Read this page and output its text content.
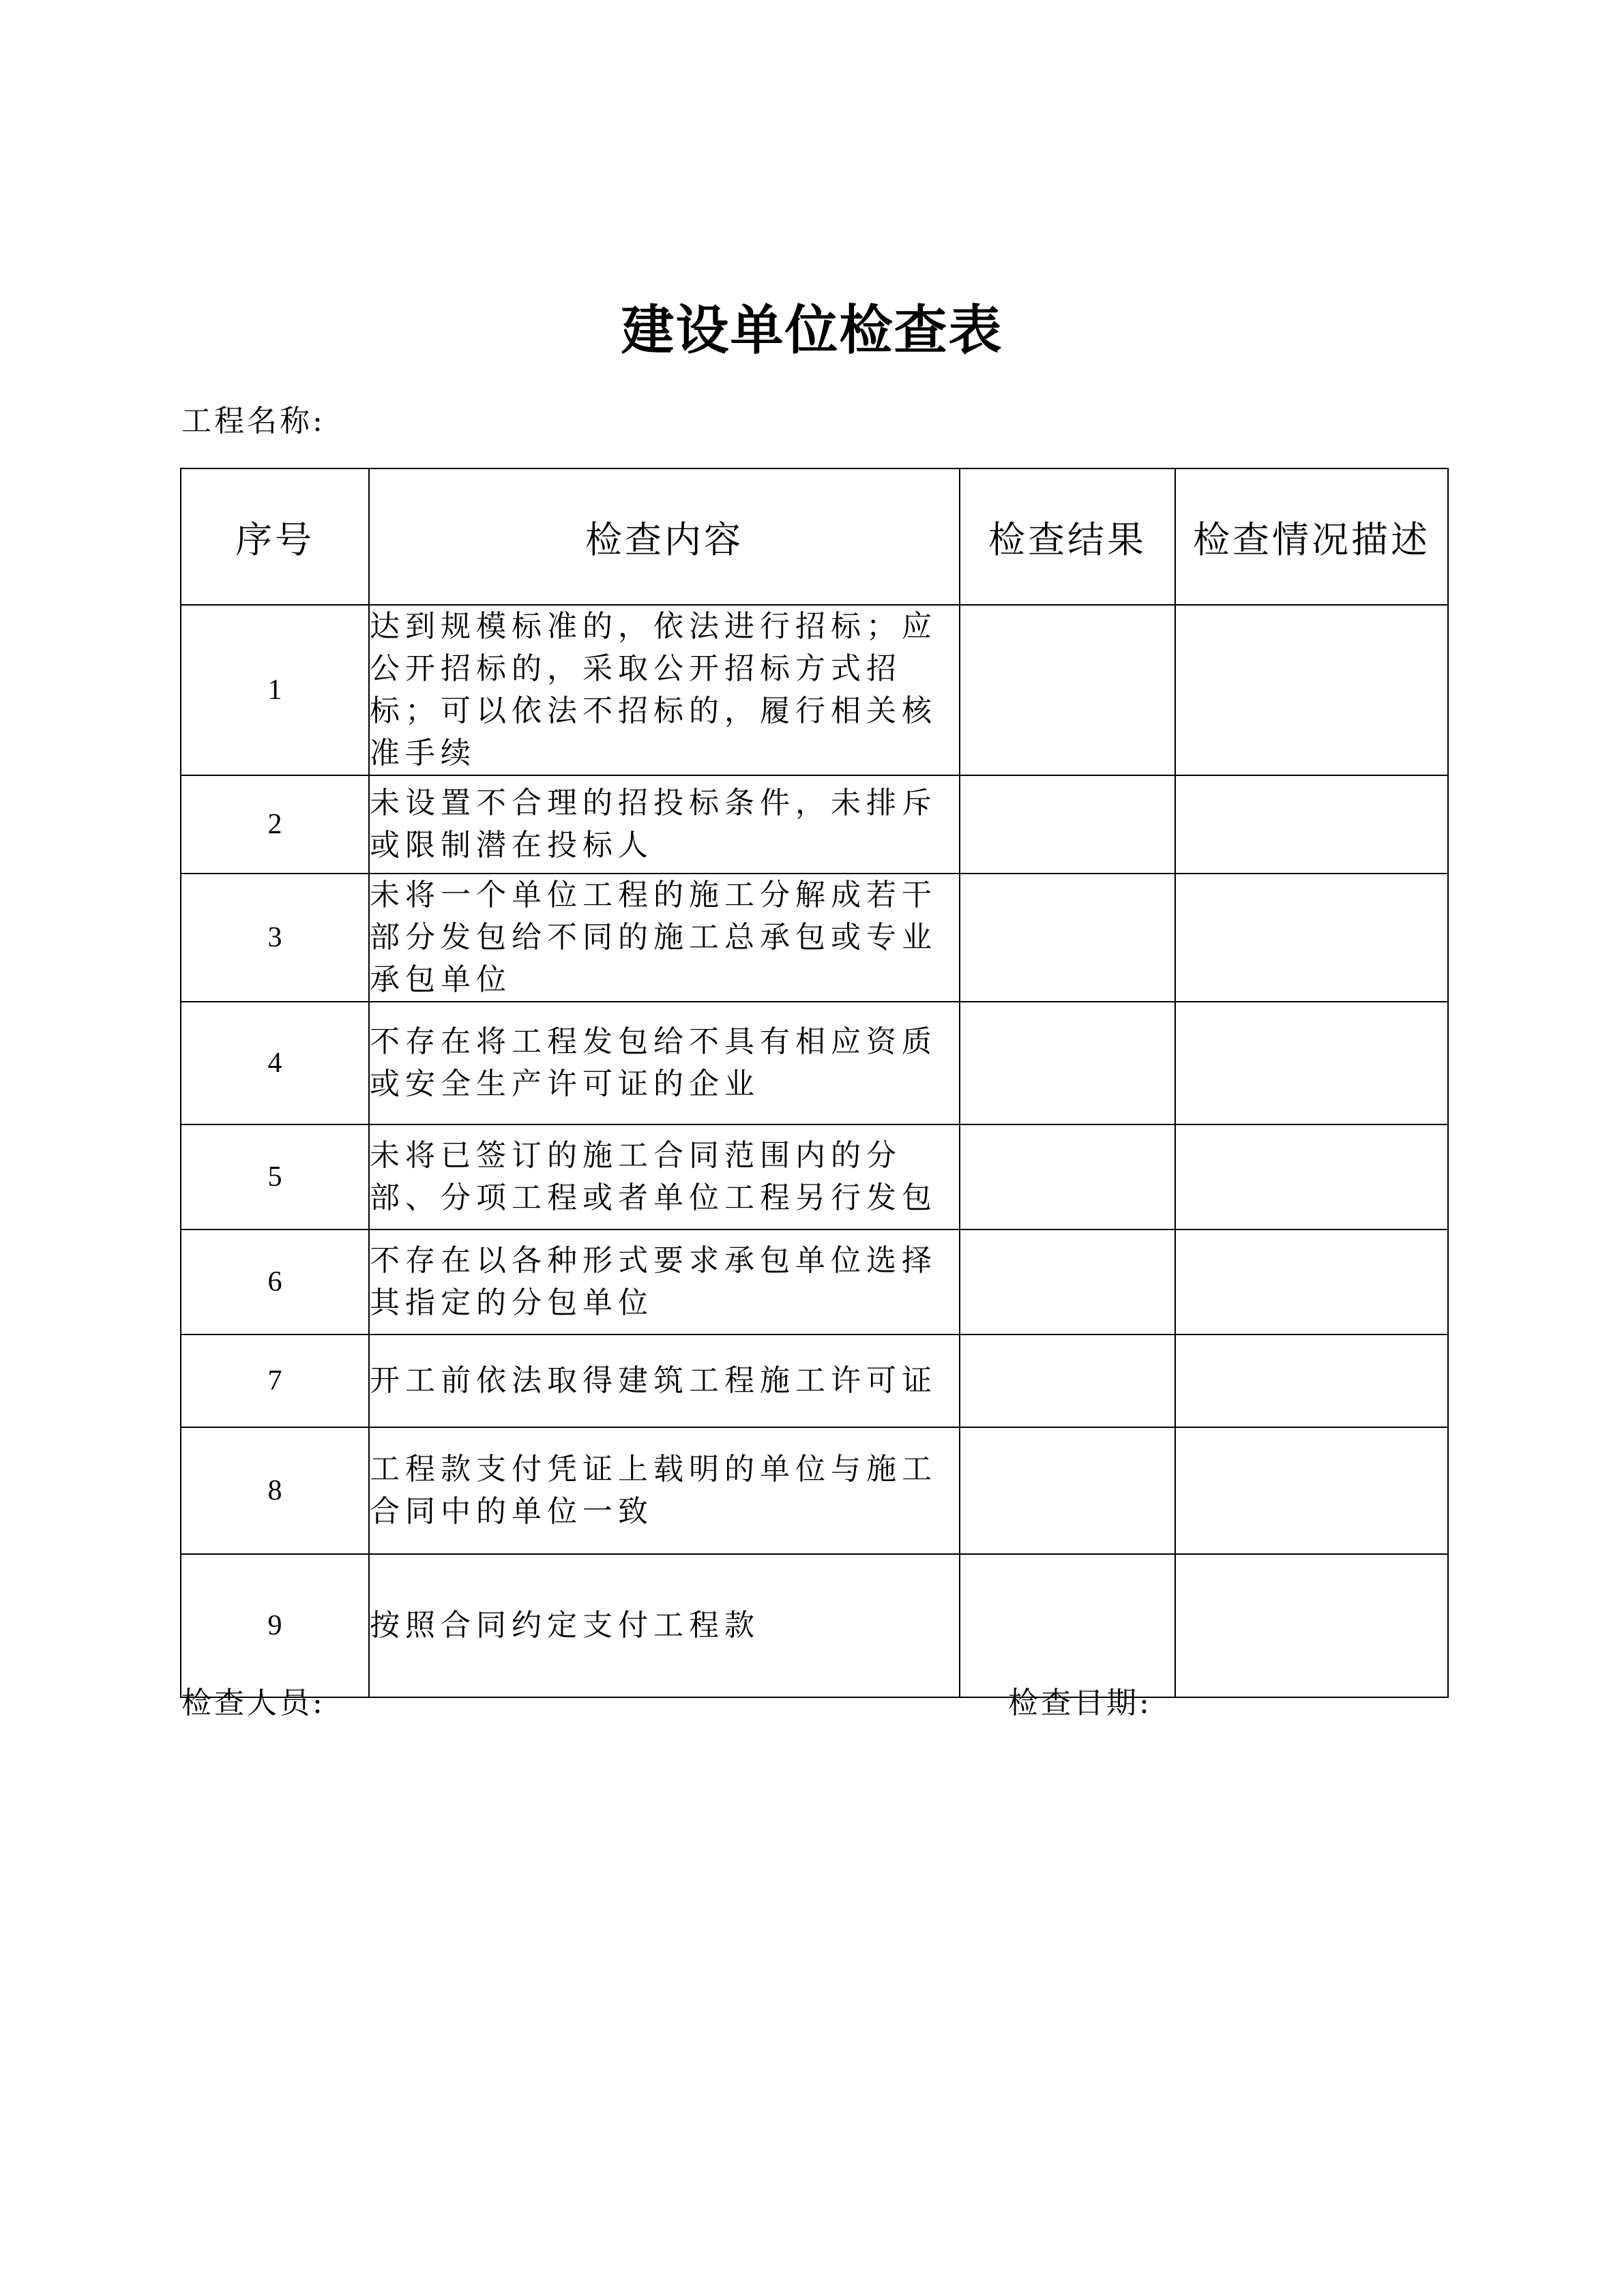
建设单位检查表
工程名称:
序号	检查内容	检查结果	检查情况描述
1	达到规模标准的，依法进行招标；应公开招标的，采取公开招标方式招标；可以依法不招标的，履行相关核准手续		
2	未设置不合理的招投标条件，未排斥或限制潜在投标人		
3	未将一个单位工程的施工分解成若干部分发包给不同的施工总承包或专业承包单位		
4	不存在将工程发包给不具有相应资质或安全生产许可证的企业		
5	未将已签订的施工合同范围内的分部、分项工程或者单位工程另行发包		
6	不存在以各种形式要求承包单位选择其指定的分包单位		
7	开工前依法取得建筑工程施工许可证		
8	工程款支付凭证上载明的单位与施工合同中的单位一致		
9	按照合同约定支付工程款		
检查人员:	检查日期:
